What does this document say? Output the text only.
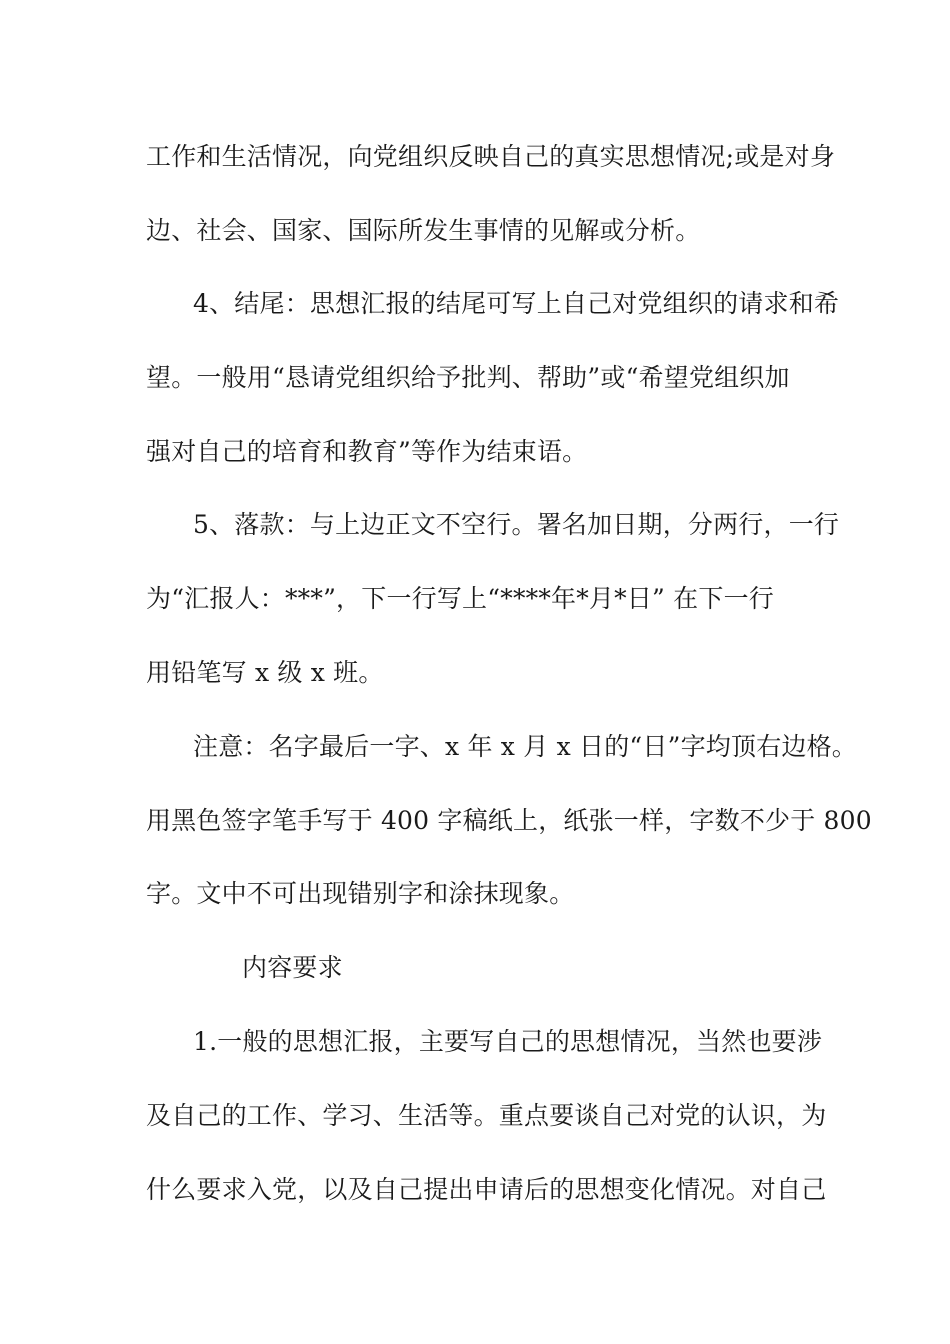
工作和生活情况，向党组织反映自己的真实思想情况;或是对身
边、社会、国家、国际所发生事情的见解或分析。
4、结尾：思想汇报的结尾可写上自己对党组织的请求和希
望。一般用“恳请党组织给予批判、帮助”或“希望党组织加
强对自己的培育和教育”等作为结束语。
5、落款：与上边正文不空行。署名加日期，分两行，一行
为“汇报人：***”，下一行写上“****年*月*日” 在下一行
用铅笔写 x 级 x 班。
注意：名字最后一字、x 年 x 月 x 日的“日”字均顶右边格。
用黑色签字笔手写于 400 字稿纸上，纸张一样，字数不少于 800
字。文中不可出现错别字和涂抹现象。
内容要求
1.一般的思想汇报，主要写自己的思想情况，当然也要涉
及自己的工作、学习、生活等。重点要谈自己对党的认识，为
什么要求入党，以及自己提出申请后的思想变化情况。对自己
